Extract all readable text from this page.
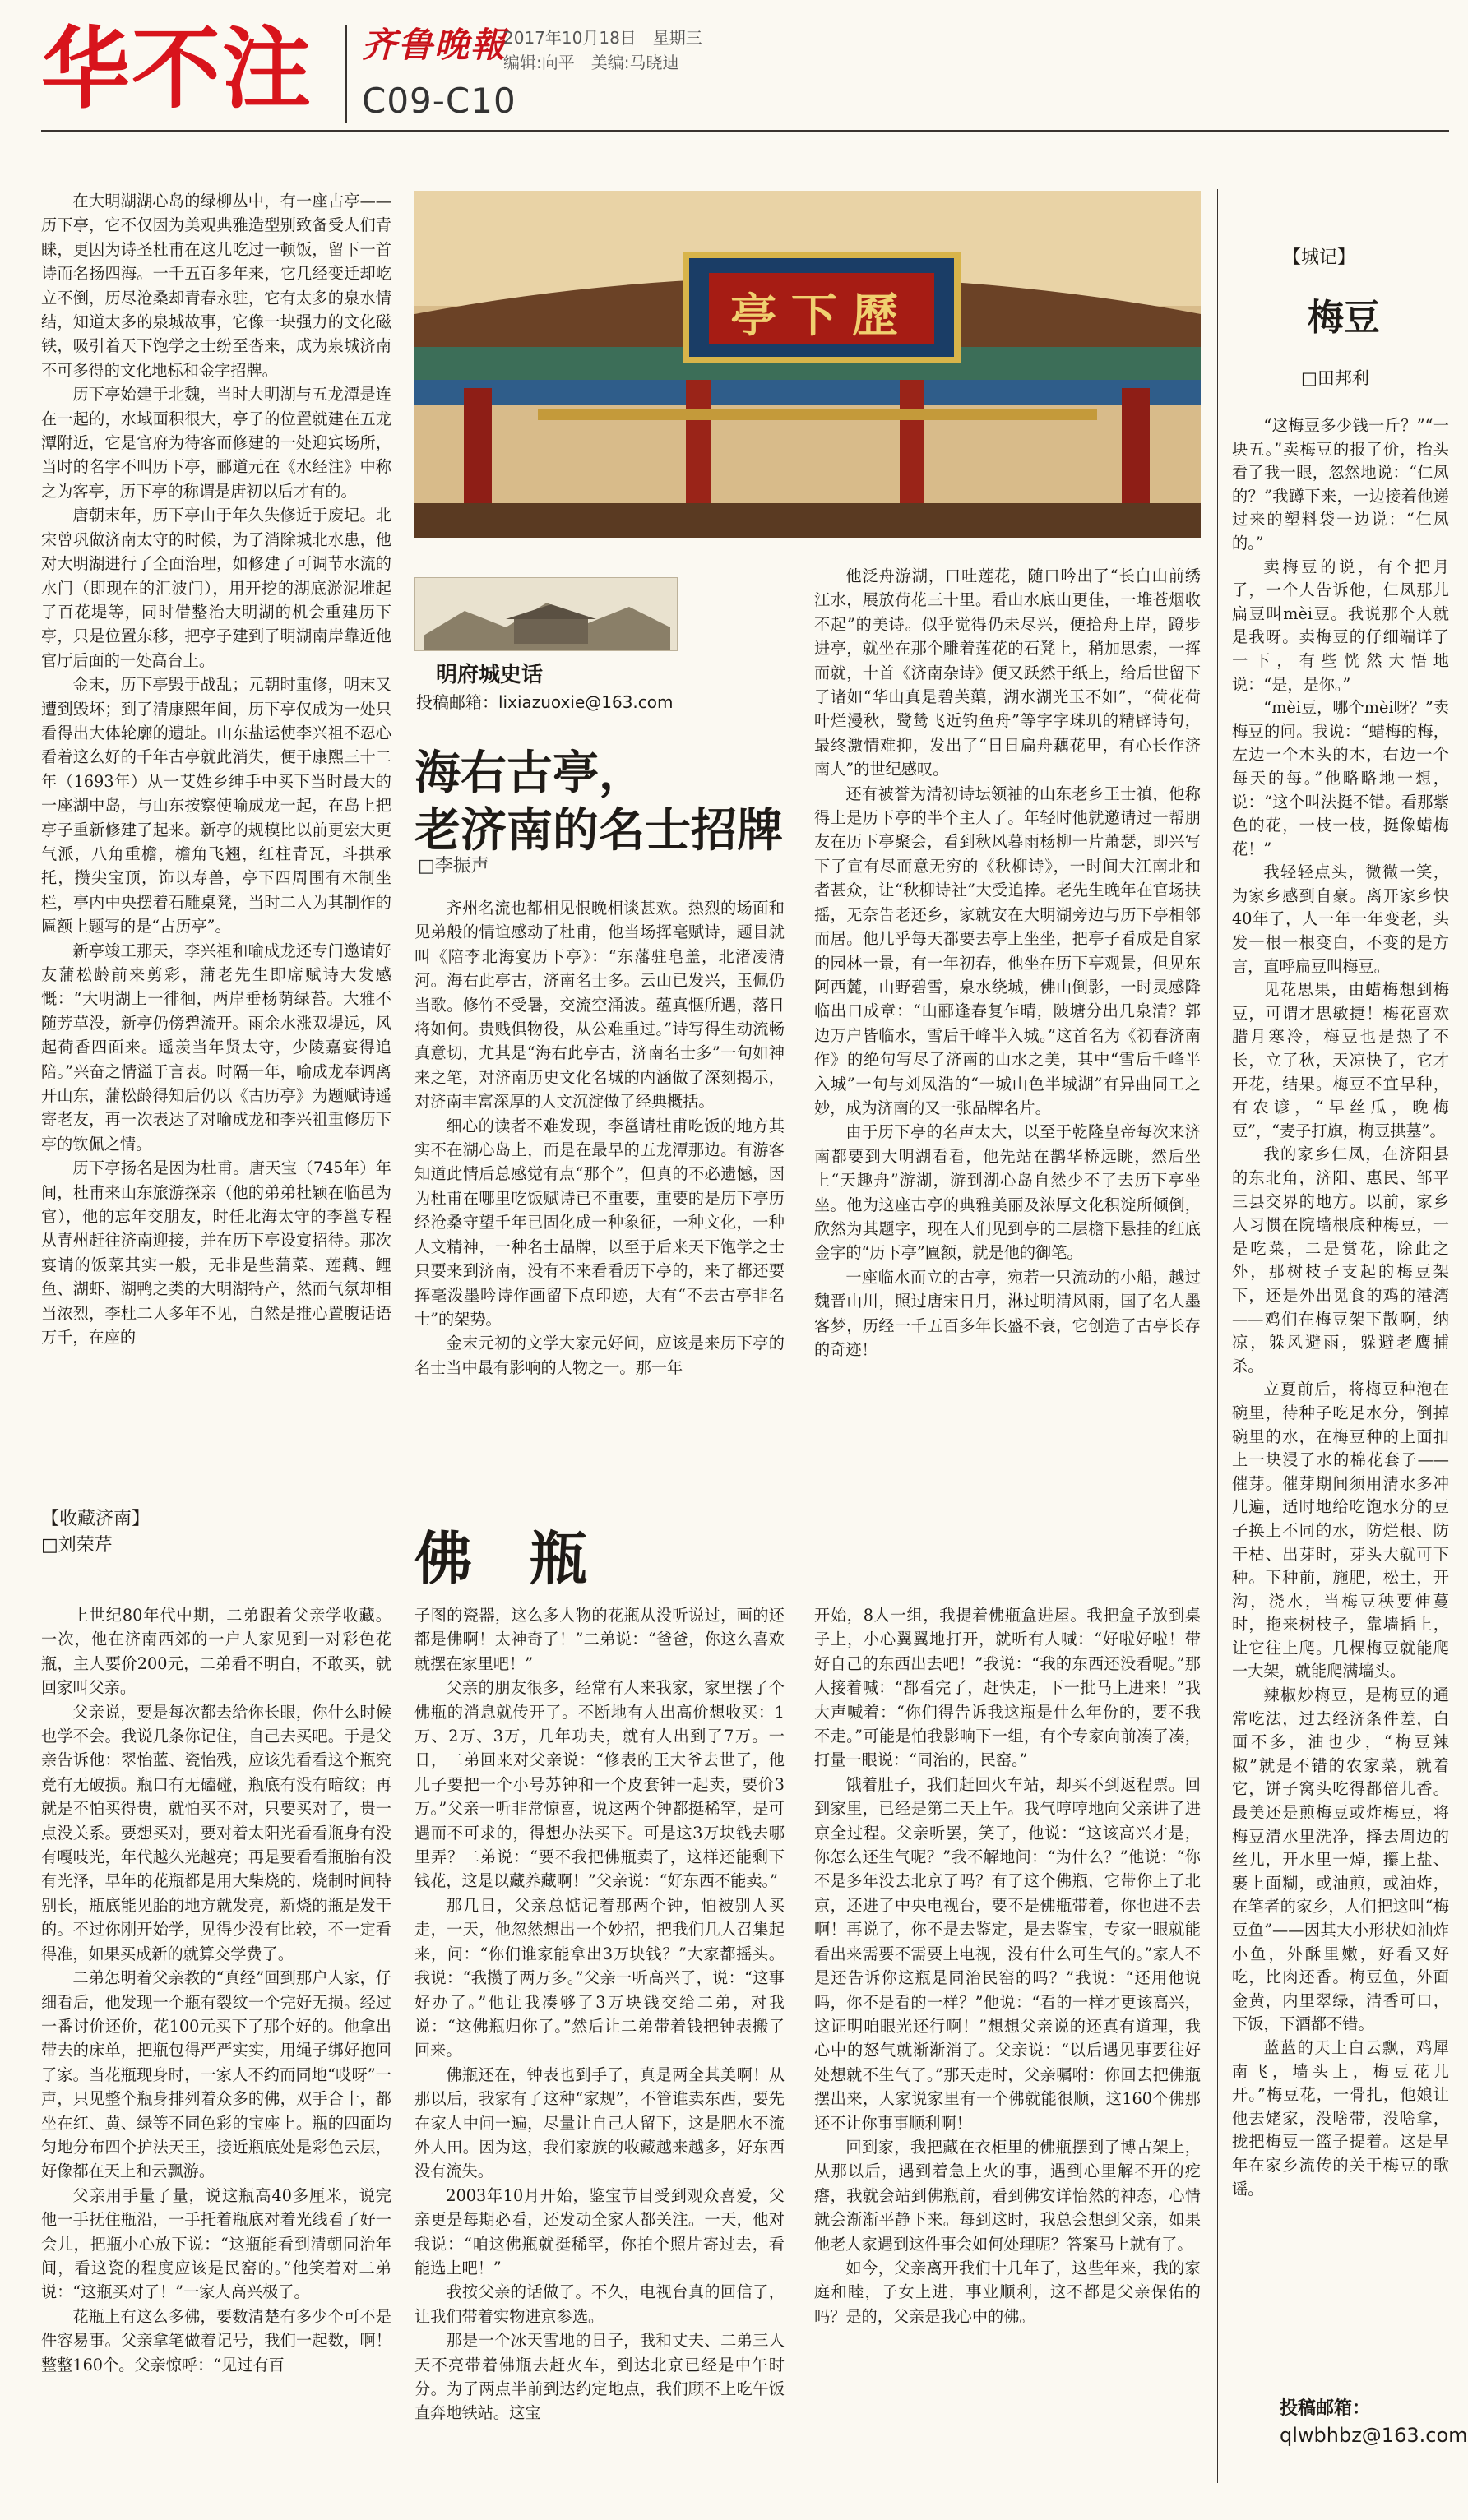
华不注 齐鲁晚報
2017年10月18日　星期三
编辑:向平　美编:马晓迪
C09-C10
亭下歷
明府城史话
投稿邮箱：lixiazuoxie@163.com
海右古亭，
老济南的名士招牌
□李振声

在大明湖湖心岛的绿柳丛中，有一座古亭——历下亭，它不仅因为美观典雅造型别致备受人们青睐，更因为诗圣杜甫在这儿吃过一顿饭，留下一首诗而名扬四海。一千五百多年来，它几经变迁却屹立不倒，历尽沧桑却青春永驻，它有太多的泉水情结，知道太多的泉城故事，它像一块强力的文化磁铁，吸引着天下饱学之士纷至沓来，成为泉城济南不可多得的文化地标和金字招牌。

历下亭始建于北魏，当时大明湖与五龙潭是连在一起的，水域面积很大，亭子的位置就建在五龙潭附近，它是官府为待客而修建的一处迎宾场所，当时的名字不叫历下亭，郦道元在《水经注》中称之为客亭，历下亭的称谓是唐初以后才有的。

唐朝末年，历下亭由于年久失修近于废圮。北宋曾巩做济南太守的时候，为了消除城北水患，他对大明湖进行了全面治理，如修建了可调节水流的水门（即现在的汇波门），用开挖的湖底淤泥堆起了百花堤等，同时借整治大明湖的机会重建历下亭，只是位置东移，把亭子建到了明湖南岸靠近他官厅后面的一处高台上。

金末，历下亭毁于战乱；元朝时重修，明末又遭到毁坏；到了清康熙年间，历下亭仅成为一处只看得出大体轮廓的遗址。山东盐运使李兴祖不忍心看着这么好的千年古亭就此消失，便于康熙三十二年（1693年）从一艾姓乡绅手中买下当时最大的一座湖中岛，与山东按察使喻成龙一起，在岛上把亭子重新修建了起来。新亭的规模比以前更宏大更气派，八角重檐，檐角飞翘，红柱青瓦，斗拱承托，攒尖宝顶，饰以寿兽，亭下四周围有木制坐栏，亭内中央摆着石雕桌凳，当时二人为其制作的匾额上题写的是“古历亭”。

新亭竣工那天，李兴祖和喻成龙还专门邀请好友蒲松龄前来剪彩，蒲老先生即席赋诗大发感慨：“大明湖上一徘徊，两岸垂杨荫绿苔。大雅不随芳草没，新亭仍傍碧流开。雨余水涨双堤远，风起荷香四面来。遥羡当年贤太守，少陵嘉宴得追陪。”兴奋之情溢于言表。时隔一年，喻成龙奉调离开山东，蒲松龄得知后仍以《古历亭》为题赋诗遥寄老友，再一次表达了对喻成龙和李兴祖重修历下亭的钦佩之情。

历下亭扬名是因为杜甫。唐天宝（745年）年间，杜甫来山东旅游探亲（他的弟弟杜颖在临邑为官），他的忘年交朋友，时任北海太守的李邕专程从青州赶往济南迎接，并在历下亭设宴招待。那次宴请的饭菜其实一般，无非是些蒲菜、莲藕、鲤鱼、湖虾、湖鸭之类的大明湖特产，然而气氛却相当浓烈，李杜二人多年不见，自然是推心置腹话语万千，在座的

齐州名流也都相见恨晚相谈甚欢。热烈的场面和见弟般的情谊感动了杜甫，他当场挥毫赋诗，题目就叫《陪李北海宴历下亭》：“东藩驻皂盖，北渚凌清河。海右此亭古，济南名士多。云山已发兴，玉佩仍当歌。修竹不受暑，交流空涌波。蕴真惬所遇，落日将如何。贵贱俱物役，从公难重过。”诗写得生动流畅真意切，尤其是“海右此亭古，济南名士多”一句如神来之笔，对济南历史文化名城的内涵做了深刻揭示，对济南丰富深厚的人文沉淀做了经典概括。

细心的读者不难发现，李邕请杜甫吃饭的地方其实不在湖心岛上，而是在最早的五龙潭那边。有游客知道此情后总感觉有点“那个”，但真的不必遗憾，因为杜甫在哪里吃饭赋诗已不重要，重要的是历下亭历经沧桑守望千年已固化成一种象征，一种文化，一种人文精神，一种名士品牌，以至于后来天下饱学之士只要来到济南，没有不来看看历下亭的，来了都还要挥毫泼墨吟诗作画留下点印迹，大有“不去古亭非名士”的架势。

金末元初的文学大家元好问，应该是来历下亭的名士当中最有影响的人物之一。那一年

他泛舟游湖，口吐莲花，随口吟出了“长白山前绣江水，展放荷花三十里。看山水底山更佳，一堆苍烟收不起”的美诗。似乎觉得仍未尽兴，便拾舟上岸，蹬步进亭，就坐在那个雕着莲花的石凳上，稍加思索，一挥而就，十首《济南杂诗》便又跃然于纸上，给后世留下了诸如“华山真是碧芙蕖，湖水湖光玉不如”，“荷花荷叶烂漫秋，鹭鸶飞近钓鱼舟”等字字珠玑的精辟诗句，最终激情难抑，发出了“日日扁舟藕花里，有心长作济南人”的世纪感叹。

还有被誉为清初诗坛领袖的山东老乡王士禛，他称得上是历下亭的半个主人了。年轻时他就邀请过一帮朋友在历下亭聚会，看到秋风暮雨杨柳一片萧瑟，即兴写下了宣有尽而意无穷的《秋柳诗》，一时间大江南北和者甚众，让“秋柳诗社”大受追捧。老先生晚年在官场扶摇，无奈告老还乡，家就安在大明湖旁边与历下亭相邻而居。他几乎每天都要去亭上坐坐，把亭子看成是自家的园林一景，有一年初春，他坐在历下亭观景，但见东阿西麓，山野碧雪，泉水绕城，佛山倒影，一时灵感降临出口成章：“山郦逢春复乍晴，陂塘分出几泉清？郭边万户皆临水，雪后千峰半入城。”这首名为《初春济南作》的绝句写尽了济南的山水之美，其中“雪后千峰半入城”一句与刘凤浩的“一城山色半城湖”有异曲同工之妙，成为济南的又一张品牌名片。

由于历下亭的名声太大，以至于乾隆皇帝每次来济南都要到大明湖看看，他先站在鹊华桥远眺，然后坐上“天趣舟”游湖，游到湖心岛自然少不了去历下亭坐坐。他为这座古亭的典雅美丽及浓厚文化积淀所倾倒，欣然为其题字，现在人们见到亭的二层檐下悬挂的红底金字的“历下亭”匾额，就是他的御笔。

一座临水而立的古亭，宛若一只流动的小船，越过魏晋山川，照过唐宋日月，淋过明清风雨，国了名人墨客梦，历经一千五百多年长盛不衰，它创造了古亭长存的奇迹！

【收藏济南】
□刘荣芹	佛　瓶

上世纪80年代中期，二弟跟着父亲学收藏。一次，他在济南西郊的一户人家见到一对彩色花瓶，主人要价200元，二弟看不明白，不敢买，就回家叫父亲。

父亲说，要是每次都去给你长眼，你什么时候也学不会。我说几条你记住，自己去买吧。于是父亲告诉他：翠怡蓝、瓷怡残，应该先看看这个瓶究竟有无破损。瓶口有无磕碰，瓶底有没有暗纹；再就是不怕买得贵，就怕买不对，只要买对了，贵一点没关系。要想买对，要对着太阳光看看瓶身有没有嘎吱光，年代越久光越亮；再是要看看瓶胎有没有光泽，早年的花瓶都是用大柴烧的，烧制时间特别长，瓶底能见胎的地方就发亮，新烧的瓶是发干的。不过你刚开始学，见得少没有比较，不一定看得准，如果买成新的就算交学费了。

二弟怎明着父亲教的“真经”回到那户人家，仔细看后，他发现一个瓶有裂纹一个完好无损。经过一番讨价还价，花100元买下了那个好的。他拿出带去的床单，把瓶包得严严实实，用绳子绑好抱回了家。当花瓶现身时，一家人不约而同地“哎呀”一声，只见整个瓶身排列着众多的佛，双手合十，都坐在红、黄、绿等不同色彩的宝座上。瓶的四面均匀地分布四个护法天王，接近瓶底处是彩色云层，好像都在天上和云飘游。

父亲用手量了量，说这瓶高40多厘米，说完他一手抚住瓶沿，一手托着瓶底对着光线看了好一会儿，把瓶小心放下说：“这瓶能看到清朝同治年间，看这瓷的程度应该是民窑的。”他笑着对二弟说：“这瓶买对了！”一家人高兴极了。

花瓶上有这么多佛，要数清楚有多少个可不是件容易事。父亲拿笔做着记号，我们一起数，啊！整整160个。父亲惊呼：“见过有百

子图的瓷器，这么多人物的花瓶从没听说过，画的还都是佛啊！太神奇了！”二弟说：“爸爸，你这么喜欢就摆在家里吧！”

父亲的朋友很多，经常有人来我家，家里摆了个佛瓶的消息就传开了。不断地有人出高价想收买：1万、2万、3万，几年功夫，就有人出到了7万。一日，二弟回来对父亲说：“修表的王大爷去世了，他儿子要把一个小号苏钟和一个皮套钟一起卖，要价3万。”父亲一听非常惊喜，说这两个钟都挺稀罕，是可遇而不可求的，得想办法买下。可是这3万块钱去哪里弄？二弟说：“要不我把佛瓶卖了，这样还能剩下钱花，这是以藏养藏啊！”父亲说：“好东西不能卖。”

那几日，父亲总惦记着那两个钟，怕被别人买走，一天，他忽然想出一个妙招，把我们几人召集起来，问：“你们谁家能拿出3万块钱？”大家都摇头。我说：“我攒了两万多。”父亲一听高兴了，说：“这事好办了。”他让我凑够了3万块钱交给二弟，对我说：“这佛瓶归你了。”然后让二弟带着钱把钟表搬了回来。

佛瓶还在，钟表也到手了，真是两全其美啊！从那以后，我家有了这种“家规”，不管谁卖东西，要先在家人中问一遍，尽量让自己人留下，这是肥水不流外人田。因为这，我们家族的收藏越来越多，好东西没有流失。

2003年10月开始，鉴宝节目受到观众喜爱，父亲更是每期必看，还发动全家人都关注。一天，他对我说：“咱这佛瓶就挺稀罕，你拍个照片寄过去，看能选上吧！”

我按父亲的话做了。不久，电视台真的回信了，让我们带着实物进京参选。

那是一个冰天雪地的日子，我和丈夫、二弟三人天不亮带着佛瓶去赶火车，到达北京已经是中午时分。为了两点半前到达约定地点，我们顾不上吃午饭直奔地铁站。这宝

开始，8人一组，我提着佛瓶盒进屋。我把盒子放到桌子上，小心翼翼地打开，就听有人喊：“好啦好啦！带好自己的东西出去吧！”我说：“我的东西还没看呢。”那人接着喊：“都看完了，赶快走，下一批马上进来！”我大声喊着：“你们得告诉我这瓶是什么年份的，要不我不走。”可能是怕我影响下一组，有个专家向前凑了凑，打量一眼说：“同治的，民窑。”

饿着肚子，我们赶回火车站，却买不到返程票。回到家里，已经是第二天上午。我气哼哼地向父亲讲了进京全过程。父亲听罢，笑了，他说：“这该高兴才是，你怎么还生气呢？”我不解地问：“为什么？”他说：“你不是多年没去北京了吗？有了这个佛瓶，它带你上了北京，还进了中央电视台，要不是佛瓶带着，你也进不去啊！再说了，你不是去鉴定，是去鉴宝，专家一眼就能看出来需要不需要上电视，没有什么可生气的。”家人不是还告诉你这瓶是同治民窑的吗？”我说：“还用他说吗，你不是看的一样？”他说：“看的一样才更该高兴，这证明咱眼光还行啊！”想想父亲说的还真有道理，我心中的怒气就渐渐消了。父亲说：“以后遇见事要往好处想就不生气了。”那天走时，父亲嘱咐：你回去把佛瓶摆出来，人家说家里有一个佛就能很顺，这160个佛那还不让你事事顺利啊！

回到家，我把藏在衣柜里的佛瓶摆到了博古架上，从那以后，遇到着急上火的事，遇到心里解不开的疙瘩，我就会站到佛瓶前，看到佛安详怡然的神态，心情就会渐渐平静下来。每到这时，我总会想到父亲，如果他老人家遇到这件事会如何处理呢？答案马上就有了。

如今，父亲离开我们十几年了，这些年来，我的家庭和睦，子女上进，事业顺利，这不都是父亲保佑的吗？是的，父亲是我心中的佛。

【城记】
梅豆
□田邦利

“这梅豆多少钱一斤？”“一块五。”卖梅豆的报了价，抬头看了我一眼，忽然地说：“仁凤的？”我蹲下来，一边接着他递过来的塑料袋一边说：“仁凤的。”

卖梅豆的说，有个把月了，一个人告诉他，仁凤那儿扁豆叫mèi豆。我说那个人就是我呀。卖梅豆的仔细端详了一下，有些恍然大悟地说：“是，是你。”

“mèi豆，哪个mèi呀？”卖梅豆的问。我说：“蜡梅的梅，左边一个木头的木，右边一个每天的每。”他略略地一想，说：“这个叫法挺不错。看那紫色的花，一枝一枝，挺像蜡梅花！”

我轻轻点头，微微一笑，为家乡感到自豪。离开家乡快40年了，人一年一年变老，头发一根一根变白，不变的是方言，直呼扁豆叫梅豆。

见花思果，由蜡梅想到梅豆，可谓才思敏捷！梅花喜欢腊月寒冷，梅豆也是热了不长，立了秋，天凉快了，它才开花，结果。梅豆不宜早种，有农谚，“早丝瓜，晚梅豆”，“麦子打旗，梅豆拱墓”。

我的家乡仁凤，在济阳县的东北角，济阳、惠民、邹平三县交界的地方。以前，家乡人习惯在院墙根底种梅豆，一是吃菜，二是赏花，除此之外，那树枝子支起的梅豆架下，还是外出觅食的鸡的港湾——鸡们在梅豆架下散啊，纳凉，躲风避雨，躲避老鹰捕杀。

立夏前后，将梅豆种泡在碗里，待种子吃足水分，倒掉碗里的水，在梅豆种的上面扣上一块浸了水的棉花套子——催芽。催芽期间须用清水多冲几遍，适时地给吃饱水分的豆子换上不同的水，防烂根、防干枯、出芽时，芽头大就可下种。下种前，施肥，松土，开沟，浇水，当梅豆秧要伸蔓时，拖来树枝子，靠墙插上，让它往上爬。几棵梅豆就能爬一大架，就能爬满墙头。

辣椒炒梅豆，是梅豆的通常吃法，过去经济条件差，白面不多，油也少，“梅豆辣椒”就是不错的农家菜，就着它，饼子窝头吃得都倍儿香。最美还是煎梅豆或炸梅豆，将梅豆清水里洗净，择去周边的丝儿，开水里一焯，攥上盐、裹上面糊，或油煎，或油炸，在笔者的家乡，人们把这叫“梅豆鱼”——因其大小形状如油炸小鱼，外酥里嫩，好看又好吃，比肉还香。梅豆鱼，外面金黄，内里翠绿，清香可口，下饭，下酒都不错。

蓝蓝的天上白云飘，鸡犀南飞，墙头上，梅豆花儿开。”梅豆花，一骨扎，他娘让他去姥家，没啥带，没啥拿，拢把梅豆一篮子提着。这是早年在家乡流传的关于梅豆的歌谣。

投稿邮箱：
qlwbhbz@163.com
